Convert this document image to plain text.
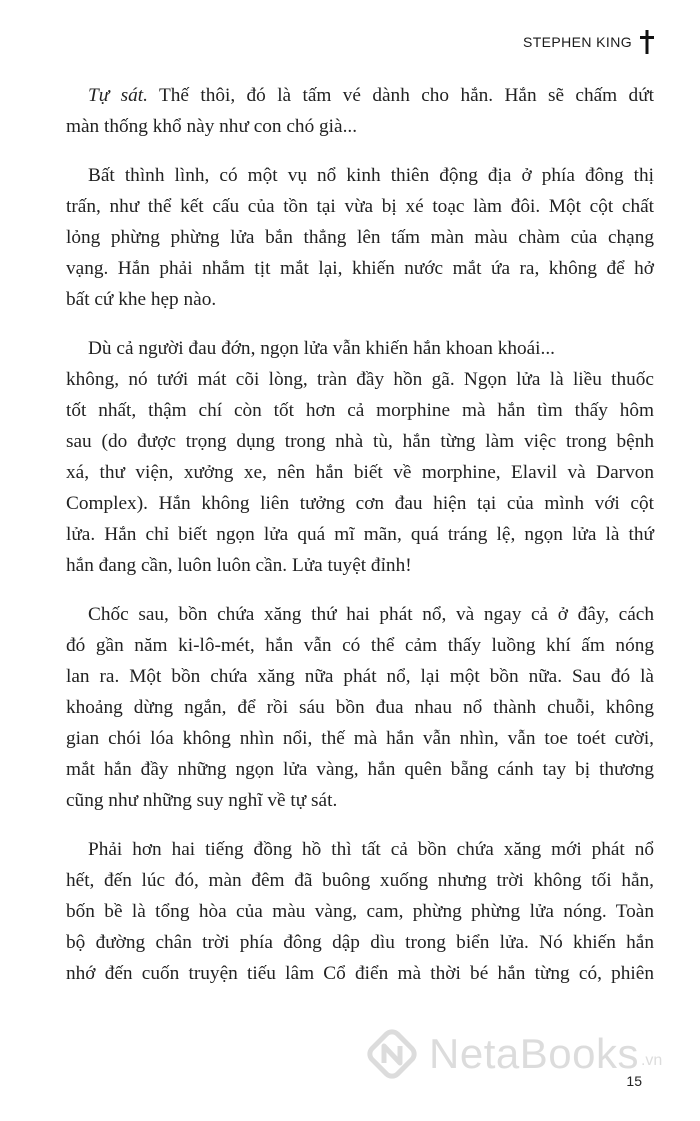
STEPHEN KING

Tự sát. Thế thôi, đó là tấm vé dành cho hắn. Hắn sẽ chấm dứt
màn thống khổ này như con chó già...

Bất thình lình, có một vụ nổ kinh thiên động địa ở phía đông thị
trấn, như thể kết cấu của tồn tại vừa bị xé toạc làm đôi. Một cột chất
lỏng phừng phừng lửa bắn thẳng lên tấm màn màu chàm của chạng
vạng. Hắn phải nhắm tịt mắt lại, khiến nước mắt ứa ra, không để hở
bất cứ khe hẹp nào.

Dù cả người đau đớn, ngọn lửa vẫn khiến hắn khoan khoái...
không, nó tưới mát cõi lòng, tràn đầy hồn gã. Ngọn lửa là liều thuốc
tốt nhất, thậm chí còn tốt hơn cả morphine mà hắn tìm thấy hôm
sau (do được trọng dụng trong nhà tù, hắn từng làm việc trong bệnh
xá, thư viện, xưởng xe, nên hắn biết về morphine, Elavil và Darvon
Complex). Hắn không liên tưởng cơn đau hiện tại của mình với cột
lửa. Hắn chỉ biết ngọn lửa quá mĩ mãn, quá tráng lệ, ngọn lửa là thứ
hắn đang cần, luôn luôn cần. Lửa tuyệt đỉnh!

Chốc sau, bồn chứa xăng thứ hai phát nổ, và ngay cả ở đây, cách
đó gần năm ki-lô-mét, hắn vẫn có thể cảm thấy luồng khí ấm nóng
lan ra. Một bồn chứa xăng nữa phát nổ, lại một bồn nữa. Sau đó là
khoảng dừng ngắn, để rồi sáu bồn đua nhau nổ thành chuỗi, không
gian chói lóa không nhìn nổi, thế mà hắn vẫn nhìn, vẫn toe toét cười,
mắt hắn đầy những ngọn lửa vàng, hắn quên bẵng cánh tay bị thương
cũng như những suy nghĩ về tự sát.

Phải hơn hai tiếng đồng hồ thì tất cả bồn chứa xăng mới phát nổ
hết, đến lúc đó, màn đêm đã buông xuống nhưng trời không tối hẳn,
bốn bề là tổng hòa của màu vàng, cam, phừng phừng lửa nóng. Toàn
bộ đường chân trời phía đông dập dìu trong biển lửa. Nó khiến hắn
nhớ đến cuốn truyện tiếu lâm Cổ điển mà thời bé hắn từng có, phiên

NetaBooks .vn
15
